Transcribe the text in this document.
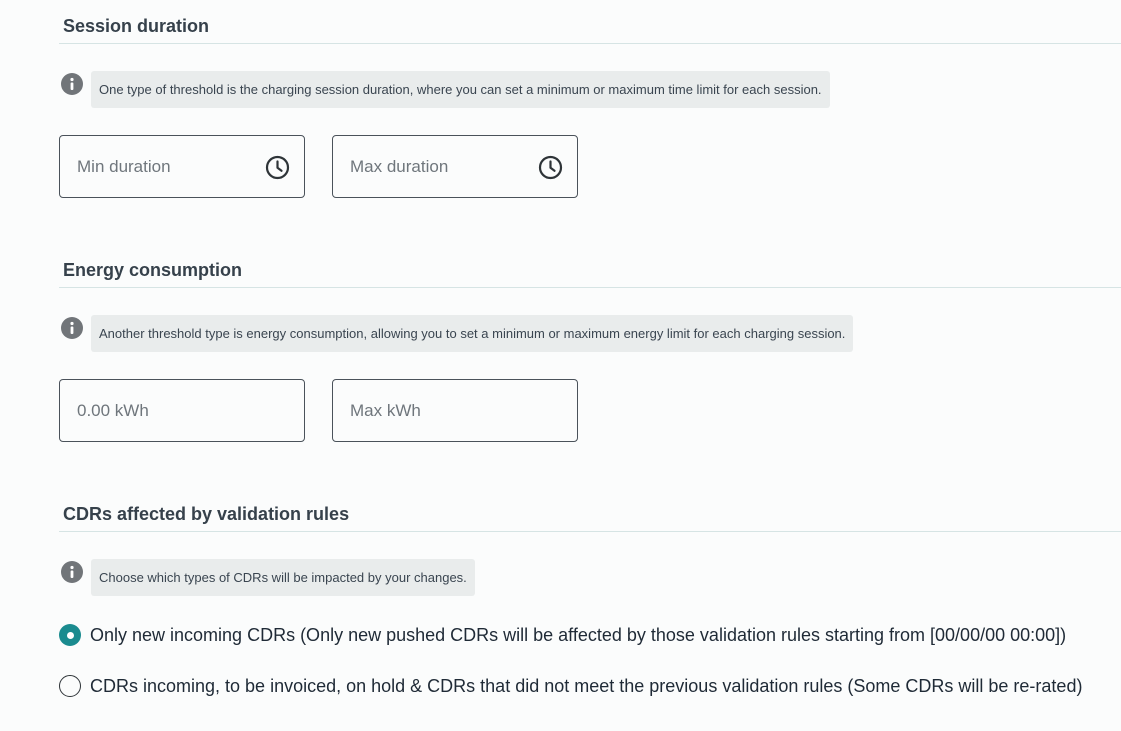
Session duration
One type of threshold is the charging session duration, where you can set a minimum or maximum time limit for each session.
Min duration
Max duration
Energy consumption
Another threshold type is energy consumption, allowing you to set a minimum or maximum energy limit for each charging session.
0.00 kWh
Max kWh
CDRs affected by validation rules
Choose which types of CDRs will be impacted by your changes.
Only new incoming CDRs (Only new pushed CDRs will be affected by those validation rules starting from [00/00/00 00:00])
CDRs incoming, to be invoiced, on hold & CDRs that did not meet the previous validation rules (Some CDRs will be re-rated)
